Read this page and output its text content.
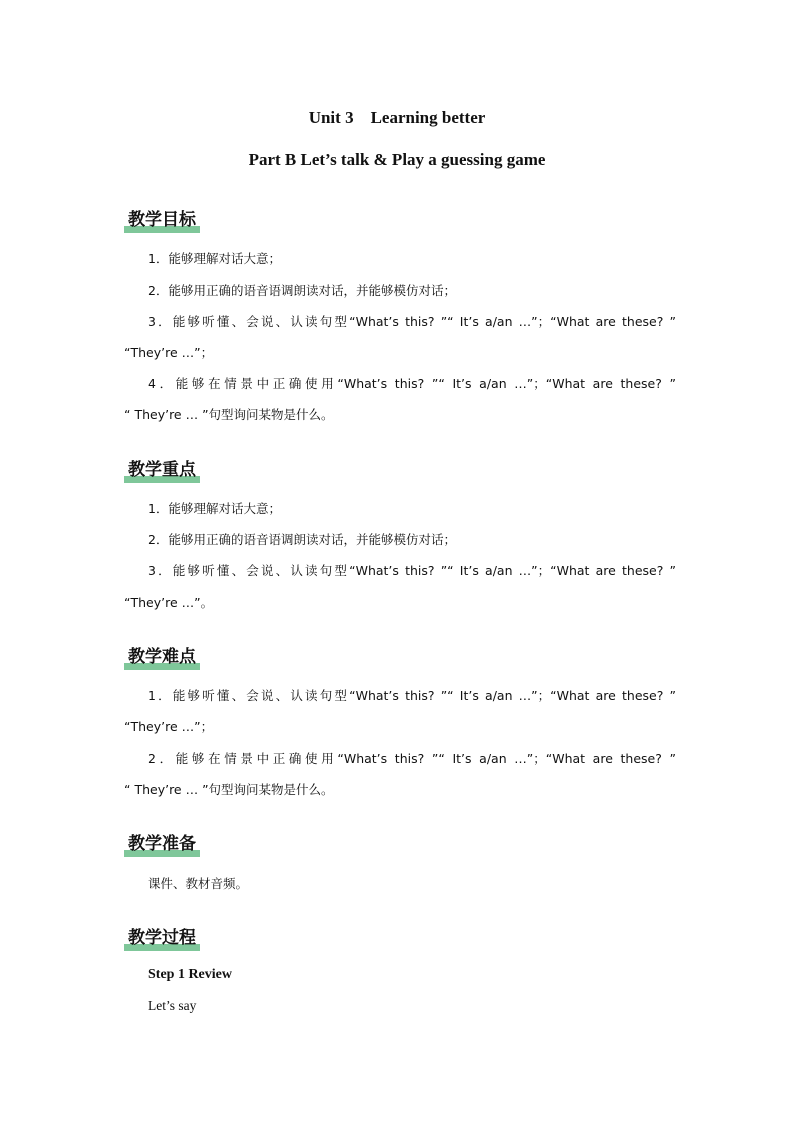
Unit 3    Learning better
Part B Let’s talk & Play a guessing game
教学目标
1．能够理解对话大意；
2．能够用正确的语音语调朗读对话，并能够模仿对话；
3．能够听懂、会说、认读句型“What’s this? ”“ It’s a/an …”；“What are these? ”
“They’re …”；
4．能够在情景中正确使用“What’s this? ”“ It’s a/an …”；“What are these? ”
“ They’re … ”句型询问某物是什么。
教学重点
1．能够理解对话大意；
2．能够用正确的语音语调朗读对话，并能够模仿对话；
3．能够听懂、会说、认读句型“What’s this? ”“ It’s a/an …”；“What are these? ”
“They’re …”。
教学难点
1．能够听懂、会说、认读句型“What’s this? ”“ It’s a/an …”；“What are these? ”
“They’re …”；
2．能够在情景中正确使用“What’s this? ”“ It’s a/an …”；“What are these? ”
“ They’re … ”句型询问某物是什么。
教学准备
课件、教材音频。
教学过程
Step 1 Review
Let’s say
